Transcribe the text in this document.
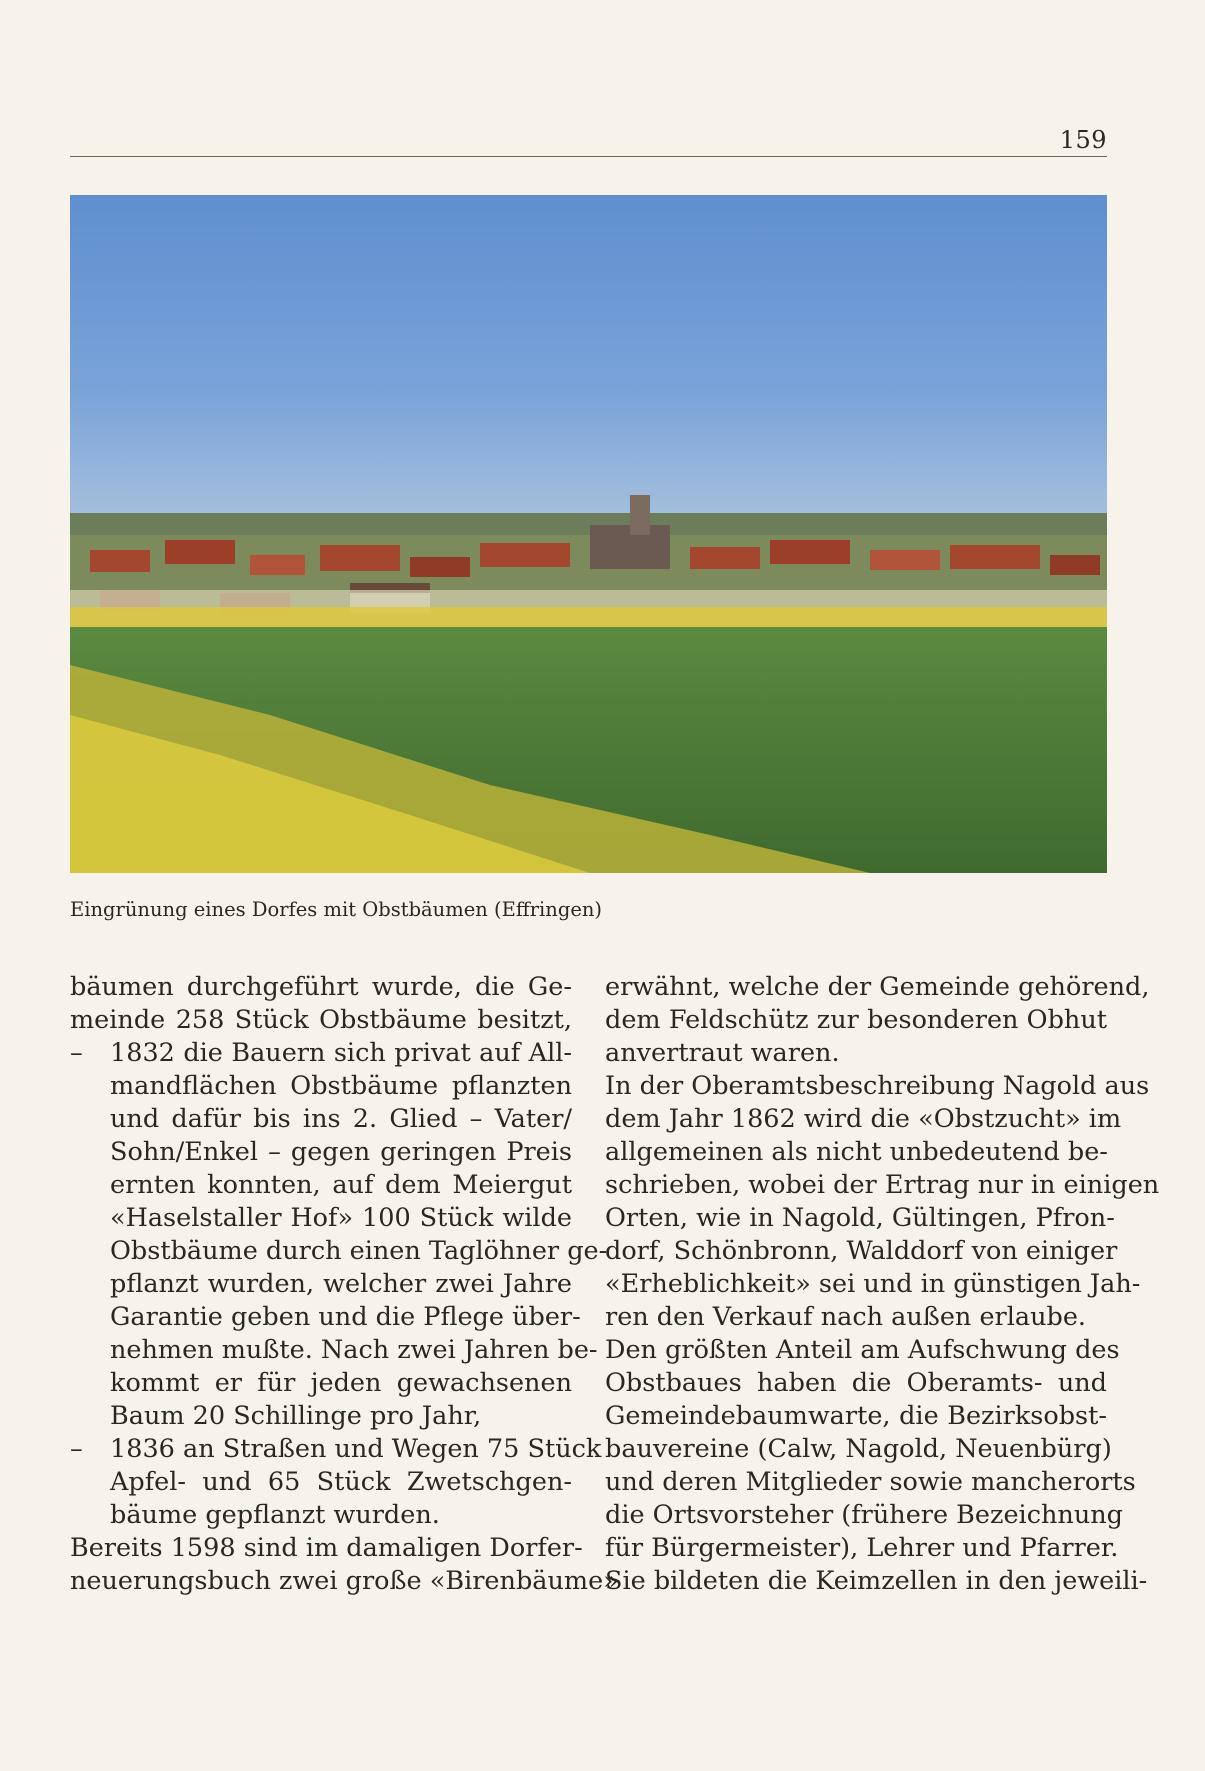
159
Eingrünung eines Dorfes mit Obstbäumen (Effringen)
bäumen durchgeführt wurde, die Ge-
meinde 258 Stück Obstbäume besitzt,
–	1832 die Bauern sich privat auf All-
mandflächen Obstbäume pflanzten
und dafür bis ins 2. Glied – Vater/
Sohn/Enkel – gegen geringen Preis
ernten konnten, auf dem Meiergut
«Haselstaller Hof» 100 Stück wilde
Obstbäume durch einen Taglöhner ge-
pflanzt wurden, welcher zwei Jahre
Garantie geben und die Pflege über-
nehmen mußte. Nach zwei Jahren be-
kommt er für jeden gewachsenen
Baum 20 Schillinge pro Jahr,
–	1836 an Straßen und Wegen 75 Stück
Apfel- und 65 Stück Zwetschgen-
bäume gepflanzt wurden.
Bereits 1598 sind im damaligen Dorfer-
neuerungsbuch zwei große «Birenbäume»
erwähnt, welche der Gemeinde gehörend,
dem Feldschütz zur besonderen Obhut
anvertraut waren.
In der Oberamtsbeschreibung Nagold aus
dem Jahr 1862 wird die «Obstzucht» im
allgemeinen als nicht unbedeutend be-
schrieben, wobei der Ertrag nur in einigen
Orten, wie in Nagold, Gültingen, Pfron-
dorf, Schönbronn, Walddorf von einiger
«Erheblichkeit» sei und in günstigen Jah-
ren den Verkauf nach außen erlaube.
Den größten Anteil am Aufschwung des
Obstbaues haben die Oberamts- und
Gemeindebaumwarte, die Bezirksobst-
bauvereine (Calw, Nagold, Neuenbürg)
und deren Mitglieder sowie mancherorts
die Ortsvorsteher (frühere Bezeichnung
für Bürgermeister), Lehrer und Pfarrer.
Sie bildeten die Keimzellen in den jeweili-
